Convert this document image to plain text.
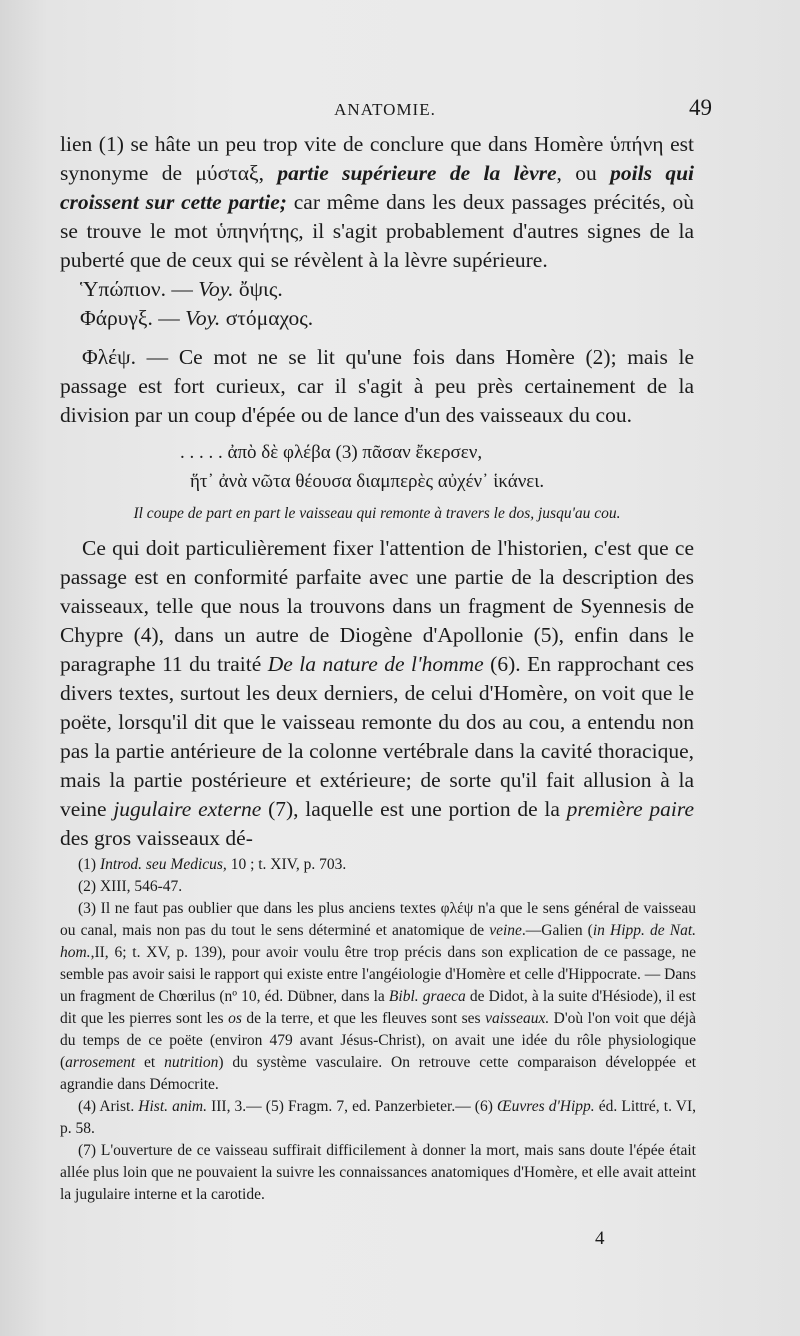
ANATOMIE.	49

lien (1) se hâte un peu trop vite de conclure que dans Homère ὑπήνη est synonyme de μύσταξ, partie supérieure de la lèvre, ou poils qui croissent sur cette partie; car même dans les deux passages précités, où se trouve le mot ὑπηνήτης, il s'agit probablement d'autres signes de la puberté que de ceux qui se révèlent à la lèvre supérieure.

Ὑπώπιον. — Voy. ὄψις.

Φάρυγξ. — Voy. στόμαχος.

Φλέψ. — Ce mot ne se lit qu'une fois dans Homère (2); mais le passage est fort curieux, car il s'agit à peu près certainement de la division par un coup d'épée ou de lance d'un des vaisseaux du cou.

. . . . . ἀπὸ δὲ φλέβα (3) πᾶσαν ἔκερσεν,
ἥτ᾽ ἀνὰ νῶτα θέουσα διαμπερὲς αὐχέν᾽ ἱκάνει.
Il coupe de part en part le vaisseau qui remonte à travers le dos, jusqu'au cou.

Ce qui doit particulièrement fixer l'attention de l'historien, c'est que ce passage est en conformité parfaite avec une partie de la description des vaisseaux, telle que nous la trouvons dans un fragment de Syennesis de Chypre (4), dans un autre de Diogène d'Apollonie (5), enfin dans le paragraphe 11 du traité De la nature de l'homme (6). En rapprochant ces divers textes, surtout les deux derniers, de celui d'Homère, on voit que le poëte, lorsqu'il dit que le vaisseau remonte du dos au cou, a entendu non pas la partie antérieure de la colonne vertébrale dans la cavité thoracique, mais la partie postérieure et extérieure; de sorte qu'il fait allusion à la veine jugulaire externe (7), laquelle est une portion de la première paire des gros vaisseaux dé-

(1) Introd. seu Medicus, 10 ; t. XIV, p. 703.

(2) XIII, 546-47.

(3) Il ne faut pas oublier que dans les plus anciens textes φλέψ n'a que le sens général de vaisseau ou canal, mais non pas du tout le sens déterminé et anatomique de veine.—Galien (in Hipp. de Nat. hom.,II, 6; t. XV, p. 139), pour avoir voulu être trop précis dans son explication de ce passage, ne semble pas avoir saisi le rapport qui existe entre l'angéiologie d'Homère et celle d'Hippocrate. — Dans un fragment de Chœrilus (nº 10, éd. Dübner, dans la Bibl. graeca de Didot, à la suite d'Hésiode), il est dit que les pierres sont les os de la terre, et que les fleuves sont ses vaisseaux. D'où l'on voit que déjà du temps de ce poëte (environ 479 avant Jésus-Christ), on avait une idée du rôle physiologique (arrosement et nutrition) du système vasculaire. On retrouve cette comparaison développée et agrandie dans Démocrite.

(4) Arist. Hist. anim. III, 3.— (5) Fragm. 7, ed. Panzerbieter.— (6) Œuvres d'Hipp. éd. Littré, t. VI, p. 58.

(7) L'ouverture de ce vaisseau suffirait difficilement à donner la mort, mais sans doute l'épée était allée plus loin que ne pouvaient la suivre les connaissances anatomiques d'Homère, et elle avait atteint la jugulaire interne et la carotide.

4
